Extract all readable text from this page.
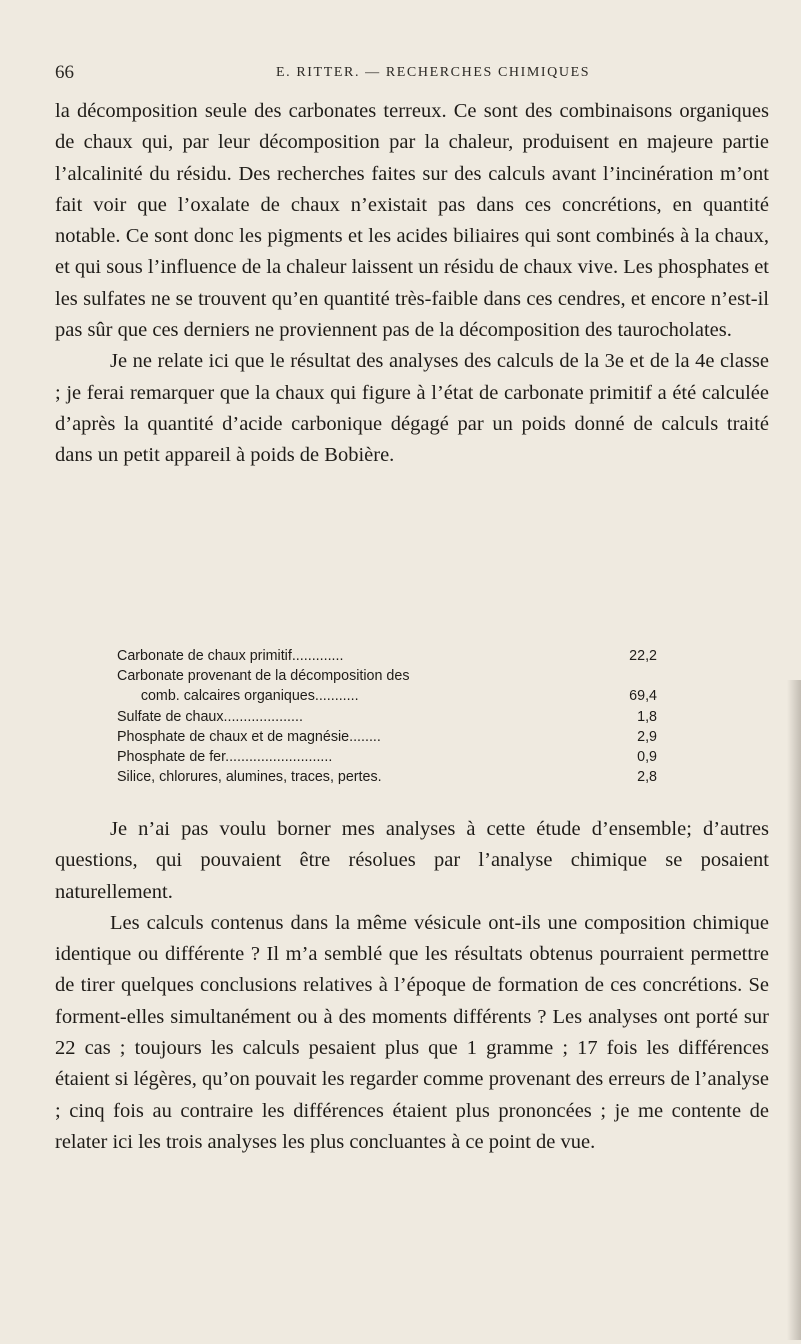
66	E. RITTER. — RECHERCHES CHIMIQUES

la décomposition seule des carbonates terreux. Ce sont des combinaisons organiques de chaux qui, par leur décomposition par la chaleur, produisent en majeure partie l’alcalinité du résidu. Des recherches faites sur des calculs avant l’incinération m’ont fait voir que l’oxalate de chaux n’existait pas dans ces concrétions, en quantité notable. Ce sont donc les pigments et les acides biliaires qui sont combinés à la chaux, et qui sous l’influence de la chaleur laissent un résidu de chaux vive. Les phosphates et les sulfates ne se trouvent qu’en quantité très-faible dans ces cendres, et encore n’est-il pas sûr que ces derniers ne proviennent pas de la décomposition des taurocholates.

Je ne relate ici que le résultat des analyses des calculs de la 3e et de la 4e classe ; je ferai remarquer que la chaux qui figure à l’état de carbonate primitif a été calculée d’après la quantité d’acide carbonique dégagé par un poids donné de calculs traité dans un petit appareil à poids de Bobière.

Carbonate de chaux primitif.............	22,2
Carbonate provenant de la décomposition des
comb. calcaires organiques...........	69,4
Sulfate de chaux....................	1,8
Phosphate de chaux et de magnésie........	2,9
Phosphate de fer...........................	0,9
Silice, chlorures, alumines, traces, pertes.	2,8

Je n’ai pas voulu borner mes analyses à cette étude d’ensemble; d’autres questions, qui pouvaient être résolues par l’analyse chimique se posaient naturellement.

Les calculs contenus dans la même vésicule ont-ils une composition chimique identique ou différente ? Il m’a semblé que les résultats obtenus pourraient permettre de tirer quelques conclusions relatives à l’époque de formation de ces concrétions. Se forment-elles simultanément ou à des moments différents ? Les analyses ont porté sur 22 cas ; toujours les calculs pesaient plus que 1 gramme ; 17 fois les différences étaient si légères, qu’on pouvait les regarder comme provenant des erreurs de l’analyse ; cinq fois au contraire les différences étaient plus prononcées ; je me contente de relater ici les trois analyses les plus concluantes à ce point de vue.
